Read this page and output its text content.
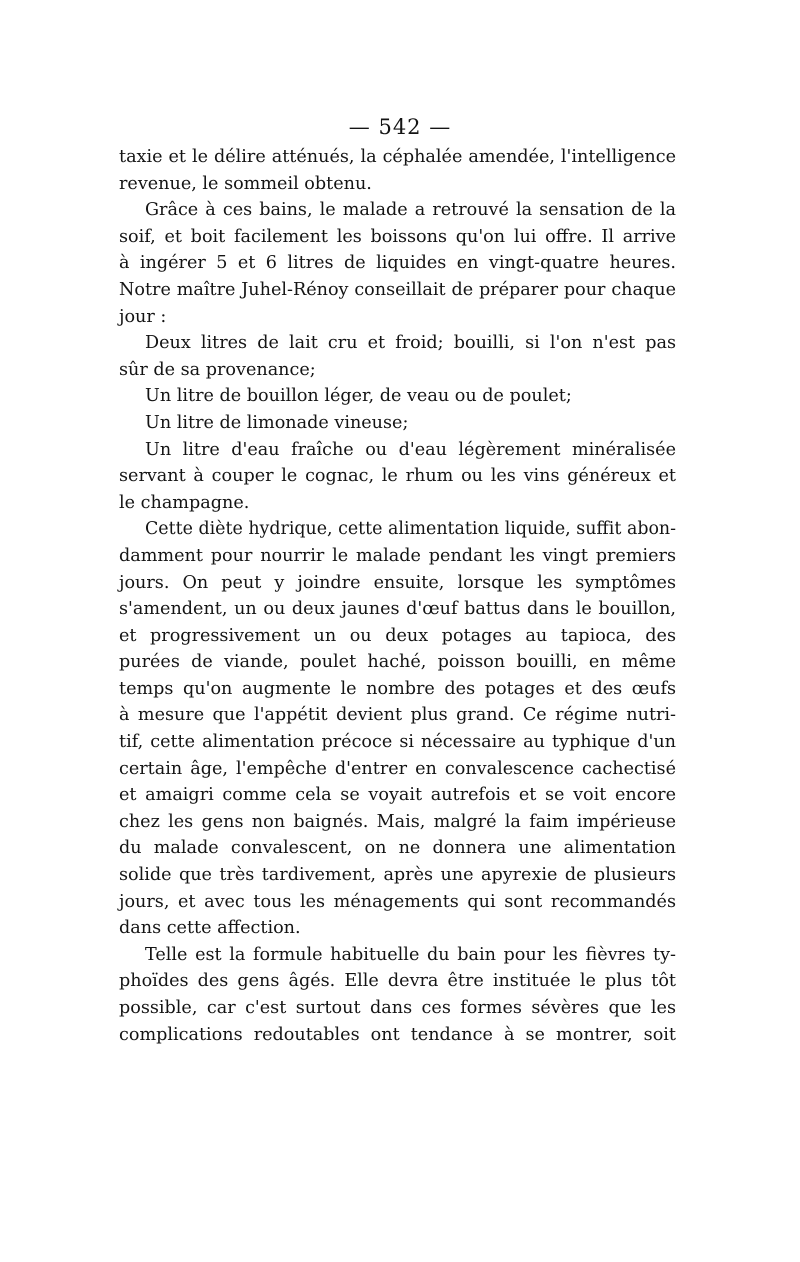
— 542 —
taxie et le délire atténués, la céphalée amendée, l'intelligence
revenue, le sommeil obtenu.
Grâce à ces bains, le malade a retrouvé la sensation de la
soif, et boit facilement les boissons qu'on lui offre. Il arrive
à ingérer 5 et 6 litres de liquides en vingt-quatre heures.
Notre maître Juhel-Rénoy conseillait de préparer pour chaque
jour :
Deux litres de lait cru et froid; bouilli, si l'on n'est pas
sûr de sa provenance;
Un litre de bouillon léger, de veau ou de poulet;
Un litre de limonade vineuse;
Un litre d'eau fraîche ou d'eau légèrement minéralisée
servant à couper le cognac, le rhum ou les vins généreux et
le champagne.
Cette diète hydrique, cette alimentation liquide, suffit abon-
damment pour nourrir le malade pendant les vingt premiers
jours. On peut y joindre ensuite, lorsque les symptômes
s'amendent, un ou deux jaunes d'œuf battus dans le bouillon,
et progressivement un ou deux potages au tapioca, des
purées de viande, poulet haché, poisson bouilli, en même
temps qu'on augmente le nombre des potages et des œufs
à mesure que l'appétit devient plus grand. Ce régime nutri-
tif, cette alimentation précoce si nécessaire au typhique d'un
certain âge, l'empêche d'entrer en convalescence cachectisé
et amaigri comme cela se voyait autrefois et se voit encore
chez les gens non baignés. Mais, malgré la faim impérieuse
du malade convalescent, on ne donnera une alimentation
solide que très tardivement, après une apyrexie de plusieurs
jours, et avec tous les ménagements qui sont recommandés
dans cette affection.
Telle est la formule habituelle du bain pour les fièvres ty-
phoïdes des gens âgés. Elle devra être instituée le plus tôt
possible, car c'est surtout dans ces formes sévères que les
complications redoutables ont tendance à se montrer, soit
